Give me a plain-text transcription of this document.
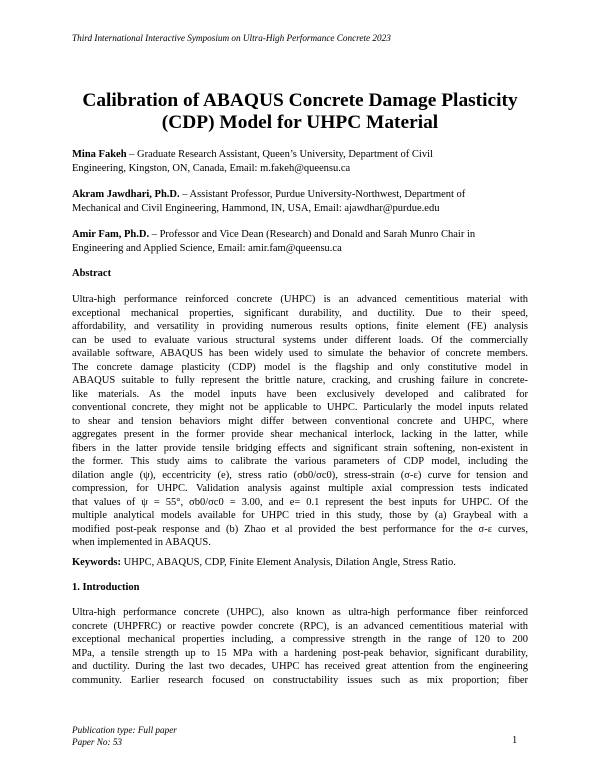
Third International Interactive Symposium on Ultra-High Performance Concrete 2023
Calibration of ABAQUS Concrete Damage Plasticity
(CDP) Model for UHPC Material
Mina Fakeh – Graduate Research Assistant, Queen’s University, Department of Civil
Engineering, Kingston, ON, Canada, Email: m.fakeh@queensu.ca
Akram Jawdhari, Ph.D. – Assistant Professor, Purdue University-Northwest, Department of
Mechanical and Civil Engineering, Hammond, IN, USA, Email: ajawdhar@purdue.edu
Amir Fam, Ph.D. – Professor and Vice Dean (Research) and Donald and Sarah Munro Chair in
Engineering and Applied Science, Email: amir.fam@queensu.ca
Abstract
Ultra-high performance reinforced concrete (UHPC) is an advanced cementitious material with
exceptional mechanical properties, significant durability, and ductility. Due to their speed,
affordability, and versatility in providing numerous results options, finite element (FE) analysis
can be used to evaluate various structural systems under different loads. Of the commercially
available software, ABAQUS has been widely used to simulate the behavior of concrete members.
The concrete damage plasticity (CDP) model is the flagship and only constitutive model in
ABAQUS suitable to fully represent the brittle nature, cracking, and crushing failure in concrete-
like materials. As the model inputs have been exclusively developed and calibrated for
conventional concrete, they might not be applicable to UHPC. Particularly the model inputs related
to shear and tension behaviors might differ between conventional concrete and UHPC, where
aggregates present in the former provide shear mechanical interlock, lacking in the latter, while
fibers in the latter provide tensile bridging effects and significant strain softening, non-existent in
the former. This study aims to calibrate the various parameters of CDP model, including the
dilation angle (ψ), eccentricity (e), stress ratio (σb0/σc0), stress-strain (σ-ε) curve for tension and
compression, for UHPC. Validation analysis against multiple axial compression tests indicated
that values of ψ = 55°, σb0/σc0 = 3.00, and e= 0.1 represent the best inputs for UHPC. Of the
multiple analytical models available for UHPC tried in this study, those by (a) Graybeal with a
modified post-peak response and (b) Zhao et al provided the best performance for the σ-ε curves,
when implemented in ABAQUS.
Keywords: UHPC, ABAQUS, CDP, Finite Element Analysis, Dilation Angle, Stress Ratio.
1. Introduction
Ultra-high performance concrete (UHPC), also known as ultra-high performance fiber reinforced
concrete (UHPFRC) or reactive powder concrete (RPC), is an advanced cementitious material with
exceptional mechanical properties including, a compressive strength in the range of 120 to 200
MPa, a tensile strength up to 15 MPa with a hardening post-peak behavior, significant durability,
and ductility. During the last two decades, UHPC has received great attention from the engineering
community. Earlier research focused on constructability issues such as mix proportion; fiber
Publication type: Full paper
Paper No: 53	1
